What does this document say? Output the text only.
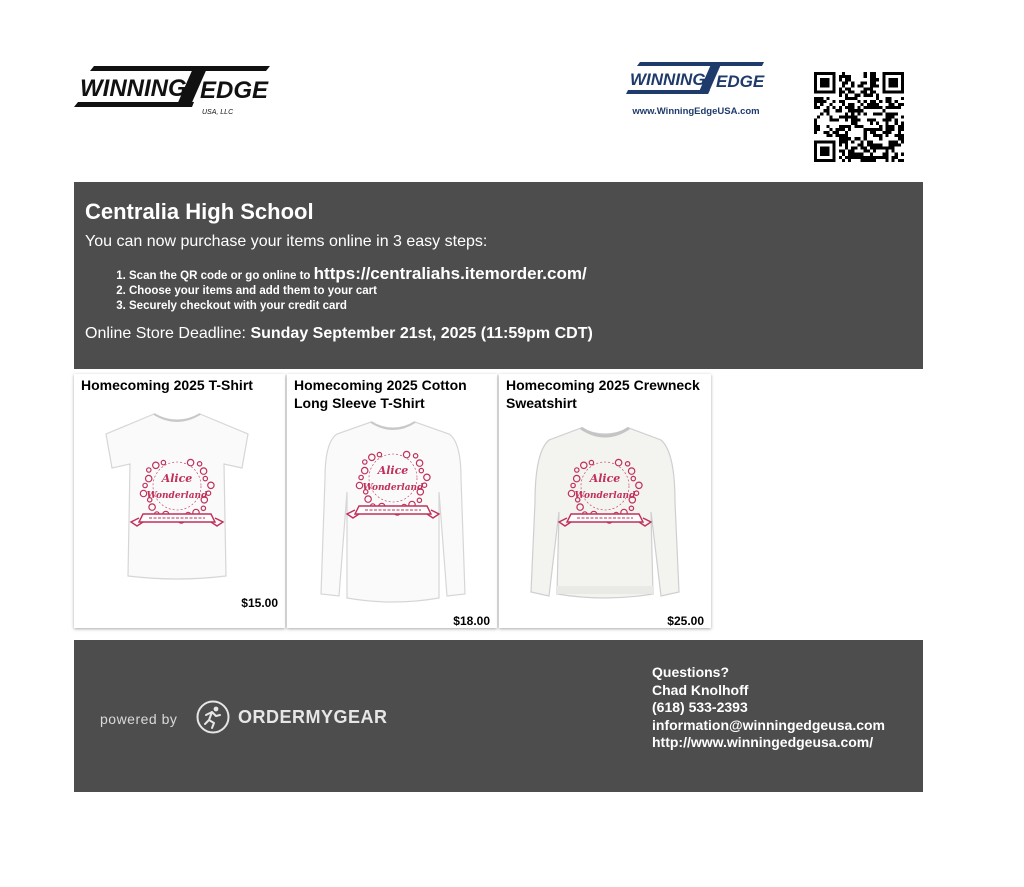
WINNING EDGE
USA, LLC
WINNING EDGE
www.WinningEdgeUSA.com
Centralia High School
You can now purchase your items online in 3 easy steps:
1. Scan the QR code or go online to https://centraliahs.itemorder.com/
2. Choose your items and add them to your cart
3. Securely checkout with your credit card
Online Store Deadline: Sunday September 21st, 2025 (11:59pm CDT)
Homecoming 2025 T-Shirt
Alice
Wonderland
$15.00
Homecoming 2025 Cotton Long Sleeve T-Shirt
Alice
Wonderland
$18.00
Homecoming 2025 Crewneck Sweatshirt
Alice
Wonderland
$25.00
powered by	ORDERMYGEAR
Questions?
Chad Knolhoff
(618) 533-2393
information@winningedgeusa.com
http://www.winningedgeusa.com/
